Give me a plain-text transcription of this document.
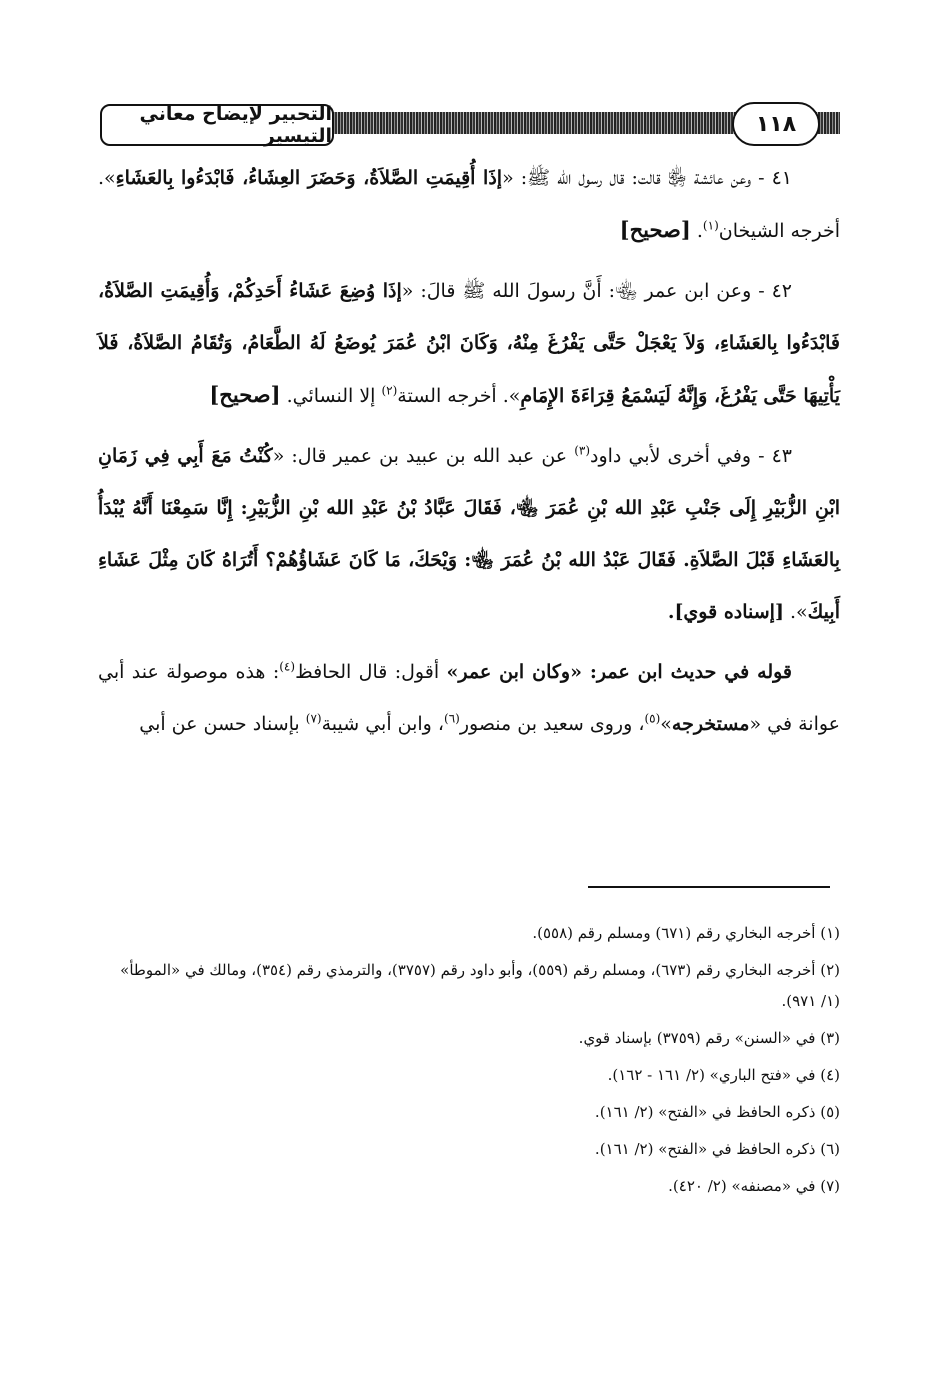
التحبير لإيضاح معاني التيسير	١١٨

٤١ - وعن عائشة ﵂ قالت: قال رسول الله ﷺ: «إذَا أُقِيمَتِ الصَّلاَةُ، وَحَضَرَ العِشَاءُ، فَابْدَءُوا بِالعَشَاءِ». أخرجه الشيخان$^{(١)}$. [صحيح]

٤٢ - وعن ابن عمر ﵄: أَنَّ رسولَ الله ﷺ قالَ: «إذَا وُضِعَ عَشَاءُ أَحَدِكُمْ، وَأُقِيمَتِ الصَّلاَةُ، فَابْدَءُوا بِالعَشَاءِ، وَلاَ يَعْجَلْ حَتَّى يَفْرُغَ مِنْهُ، وَكَانَ ابْنُ عُمَرَ يُوضَعُ لَهُ الطَّعَامُ، وَتُقَامُ الصَّلاَةُ، فَلاَ يَأْتِيهَا حَتَّى يَفْرُغَ، وَإِنَّهُ لَيَسْمَعُ قِرَاءَةَ الإِمَامِ». أخرجه الستة$^{(٢)}$ إلا النسائي. [صحيح]

٤٣ - وفي أخرى لأبي داود$^{(٣)}$ عن عبد الله بن عبيد بن عمير قال: «كُنْتُ مَعَ أَبِي فِي زَمَانِ ابْنِ الزُّبَيْرِ إِلَى جَنْبِ عَبْدِ الله بْنِ عُمَرَ ﵄، فَقَالَ عَبَّادُ بْنُ عَبْدِ الله بْنِ الزُّبَيْرِ: إِنَّا سَمِعْنَا أَنَّهُ يُبْدَأُ بِالعَشَاءِ قَبْلَ الصَّلاَةِ. فَقَالَ عَبْدُ الله بْنُ عُمَرَ ﵄: وَيْحَكَ، مَا كَانَ عَشَاؤُهُمْ؟ أَتُرَاهُ كَانَ مِثْلَ عَشَاءِ أَبِيكَ». [إسناده قوي].

قوله في حديث ابن عمر: «وكان ابن عمر» أقول: قال الحافظ$^{(٤)}$: هذه موصولة عند أبي عوانة في «مستخرجه»$^{(٥)}$، وروى سعيد بن منصور$^{(٦)}$، وابن أبي شيبة$^{(٧)}$ بإسناد حسن عن أبي

(١) أخرجه البخاري رقم (٦٧١) ومسلم رقم (٥٥٨).

(٢) أخرجه البخاري رقم (٦٧٣)، ومسلم رقم (٥٥٩)، وأبو داود رقم (٣٧٥٧)، والترمذي رقم (٣٥٤)، ومالك في «الموطأ» (١/ ٩٧١).

(٣) في «السنن» رقم (٣٧٥٩) بإسناد قوي.

(٤) في «فتح الباري» (٢/ ١٦١ - ١٦٢).

(٥) ذكره الحافظ في «الفتح» (٢/ ١٦١).

(٦) ذكره الحافظ في «الفتح» (٢/ ١٦١).

(٧) في «مصنفه» (٢/ ٤٢٠).
